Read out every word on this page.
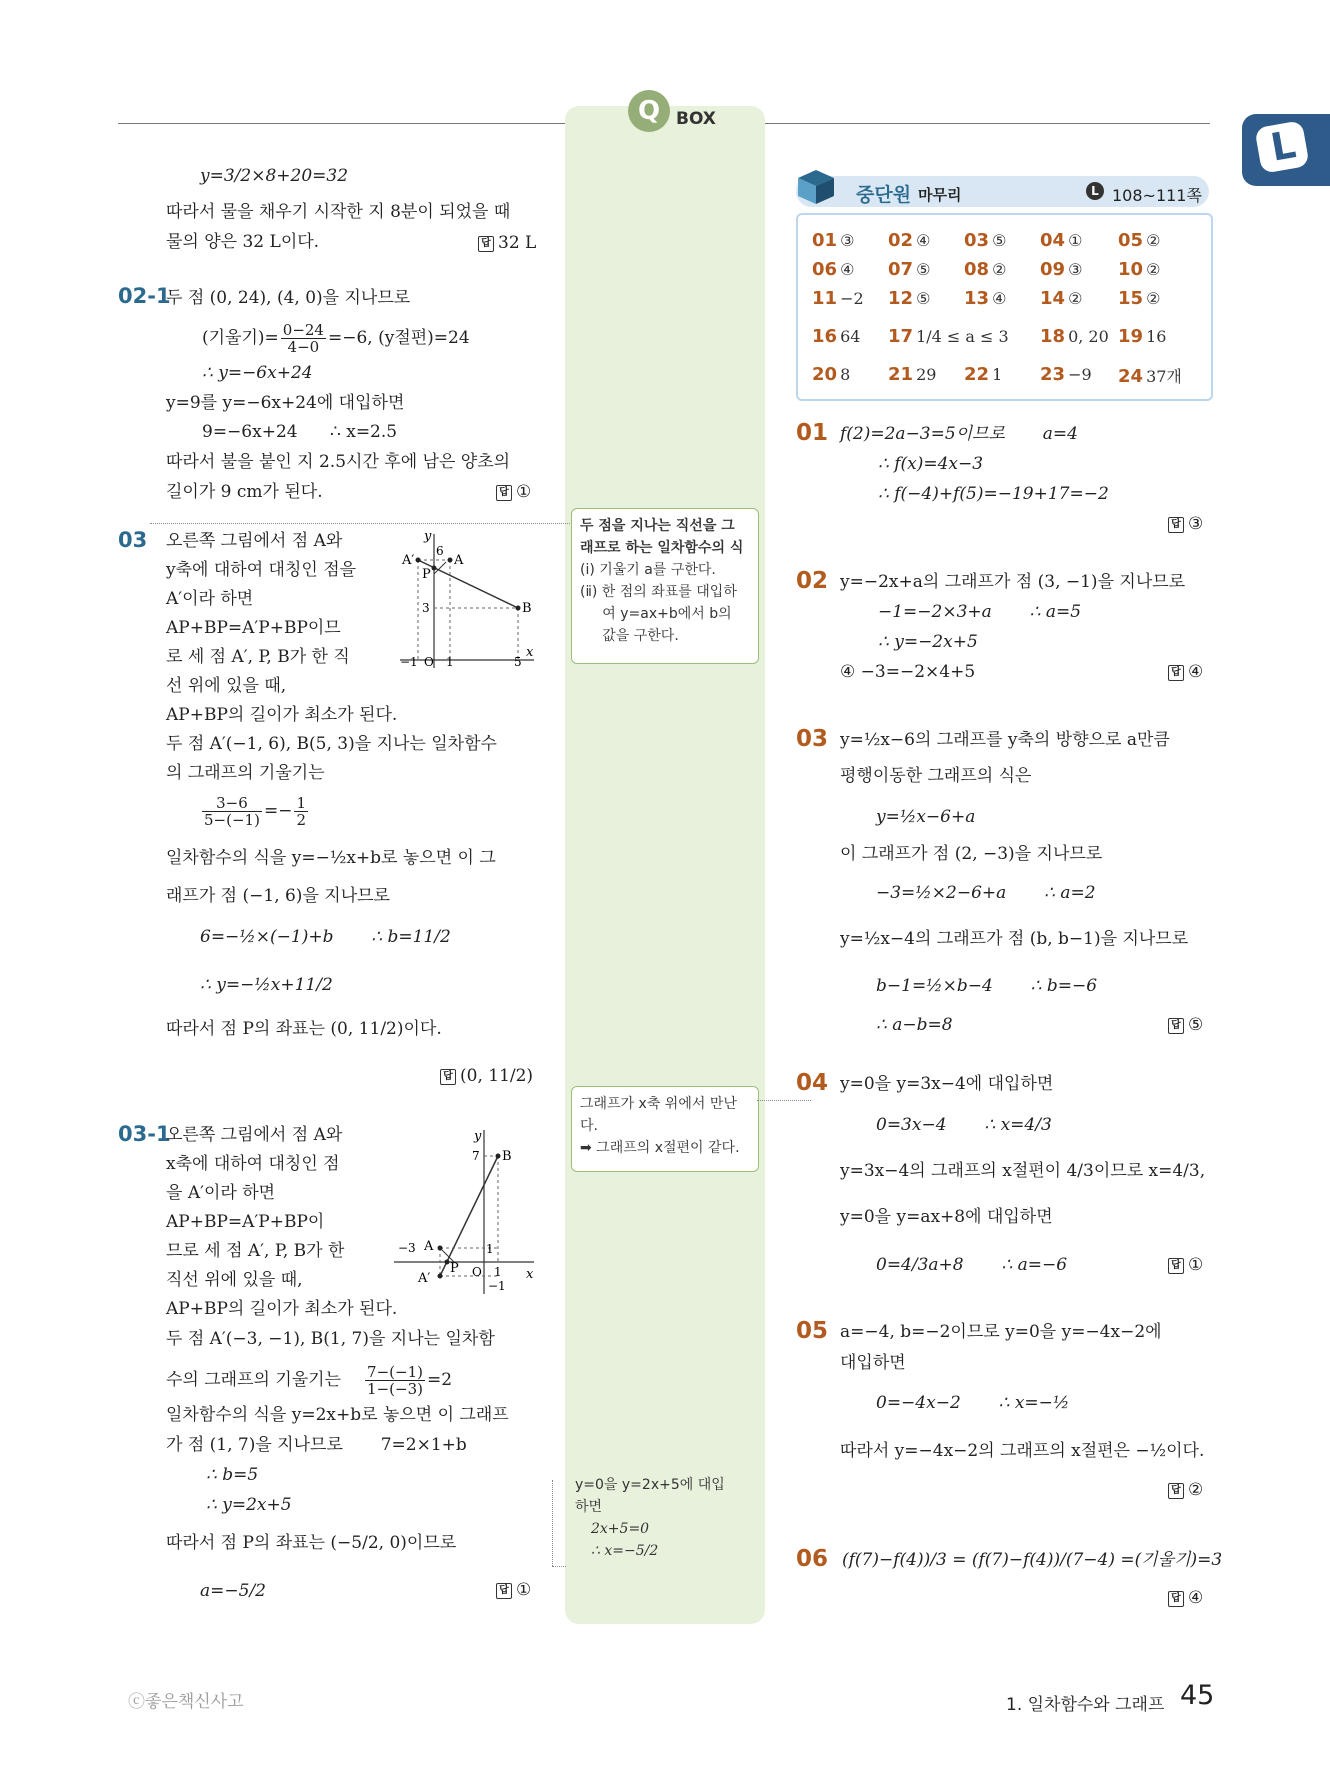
Q BOX
L
y=3/2×8+20=32
따라서 물을 채우기 시작한 지 8분이 되었을 때
물의 양은 32 L이다.	답 32 L
02-1
두 점 (0, 24), (4, 0)을 지나므로
(기울기)= $\frac{0-24}{4-0} =-6$, (y절편)=24
∴ y=−6x+24
y=9를 y=−6x+24에 대입하면
9=−6x+24      ∴ x=2.5
따라서 불을 붙인 지 2.5시간 후에 남은 양초의
길이가 9 cm가 된다.	답 ①
03 오른쪽 그림에서 점 A와
y축에 대하여 대칭인 점을
A′이라 하면
AP+BP=A′P+BP이므
로 세 점 A′, P, B가 한 직
선 위에 있을 때,
AP+BP의 길이가 최소가 된다.
두 점 A′(−1, 6), B(5, 3)을 지나는 일차함수
의 그래프의 기울기는
$\frac{3-6}{5-(-1)} =- \frac{1}{2}$
일차함수의 식을 y=−½x+b로 놓으면 이 그
래프가 점 (−1, 6)을 지나므로
6=−½×(−1)+b       ∴ b=11/2
∴ y=−½x+11/2
따라서 점 P의 좌표는 (0, 11/2)이다.
답 (0, 11/2)
y
x
O
6
3
−1 1	5
A
A′
P
B
03-1
오른쪽 그림에서 점 A와
x축에 대하여 대칭인 점
을 A′이라 하면
AP+BP=A′P+BP이
므로 세 점 A′, P, B가 한
직선 위에 있을 때,
AP+BP의 길이가 최소가 된다.
두 점 A′(−3, −1), B(1, 7)을 지나는 일차함
수의 그래프의 기울기는 $\frac{7-(-1)}{1-(-3)} =2$
일차함수의 식을 y=2x+b로 놓으면 이 그래프
가 점 (1, 7)을 지나므로       7=2×1+b
∴ b=5
∴ y=2x+5
따라서 점 P의 좌표는 (−5/2, 0)이므로
a=−5/2	답 ①
y
x
O
7
1
−1
−3
1
A
A′
P
B
두 점을 지나는 직선을 그
래프로 하는 일차함수의 식
(ⅰ) 기울기 a를 구한다.
(ⅱ) 한 점의 좌표를 대입하
여 y=ax+b에서 b의
값을 구한다.
그래프가 x축 위에서 만난
다.
➡ 그래프의 x절편이 같다.
y=0을 y=2x+5에 대입
하면
2x+5=0
∴ x=−5/2
중단원 마무리	L 108~111쪽
01 ③ 02 ④ 03 ⑤ 04 ① 05 ②
06 ④ 07 ⑤ 08 ② 09 ③ 10 ②
11 −2 12 ⑤ 13 ④ 14 ② 15 ②
16 64 17 1/4 ≤ a ≤ 3 18 0, 20 19 16
20 8 21 29 22 1 23 −9 24 37개
01 f(2)=2a−3=5이므로       a=4
∴ f(x)=4x−3
∴ f(−4)+f(5)=−19+17=−2
답 ③
02 y=−2x+a의 그래프가 점 (3, −1)을 지나므로
−1=−2×3+a       ∴ a=5
∴ y=−2x+5
④ −3=−2×4+5	답 ④
03 y=½x−6의 그래프를 y축의 방향으로 a만큼
평행이동한 그래프의 식은
y=½x−6+a
이 그래프가 점 (2, −3)을 지나므로
−3=½×2−6+a       ∴ a=2
y=½x−4의 그래프가 점 (b, b−1)을 지나므로
b−1=½×b−4       ∴ b=−6
∴ a−b=8	답 ⑤
04 y=0을 y=3x−4에 대입하면
0=3x−4       ∴ x=4/3
y=3x−4의 그래프의 x절편이 4/3이므로 x=4/3,
y=0을 y=ax+8에 대입하면
0=4/3a+8       ∴ a=−6	답 ①
05 a=−4, b=−2이므로 y=0을 y=−4x−2에
대입하면
0=−4x−2       ∴ x=−½
따라서 y=−4x−2의 그래프의 x절편은 −½이다.
답 ②
06 (f(7)−f(4))/3 = (f(7)−f(4))/(7−4) =(기울기)=3
답 ④
ⓒ좋은책신사고	1. 일차함수와 그래프 45
